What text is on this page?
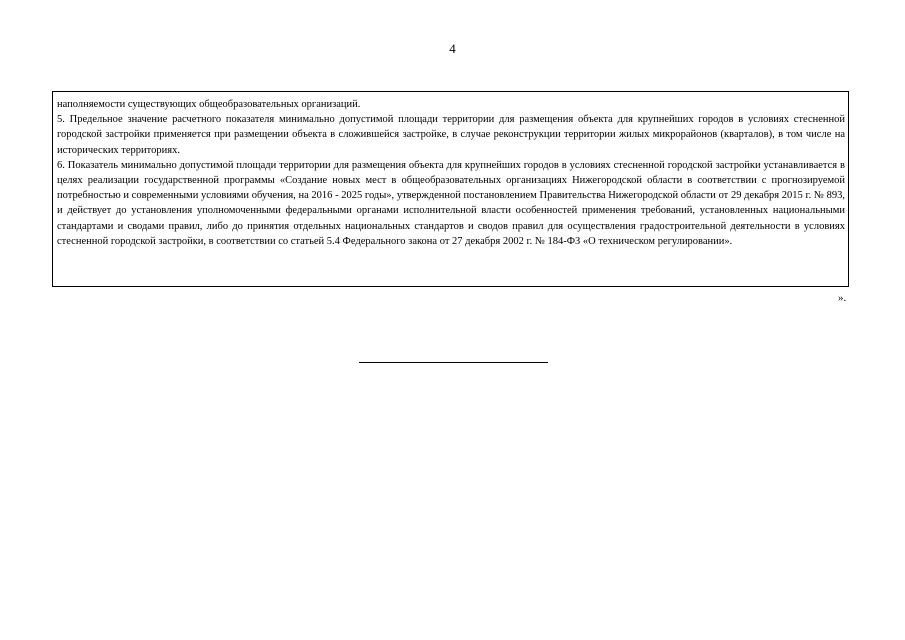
4

наполняемости существующих общеобразовательных организаций.

5. Предельное значение расчетного показателя минимально допустимой площади территории для размещения объекта для крупнейших городов в условиях стесненной городской застройки применяется при размещении объекта в сложившейся застройке, в случае реконструкции территории жилых микрорайонов (кварталов), в том числе на исторических территориях.

6. Показатель минимально допустимой площади территории для размещения объекта для крупнейших городов в условиях стесненной городской застройки устанавливается в целях реализации государственной программы «Создание новых мест в общеобразовательных организациях Нижегородской области в соответствии с прогнозируемой потребностью и современными условиями обучения, на 2016 - 2025 годы», утвержденной постановлением Правительства Нижегородской области от 29 декабря 2015 г. № 893, и действует до установления уполномоченными федеральными органами исполнительной власти особенностей применения требований, установленных национальными стандартами и сводами правил, либо до принятия отдельных национальных стандартов и сводов правил для осуществления градостроительной деятельности в условиях стесненной городской застройки, в соответствии со статьей 5.4 Федерального закона от 27 декабря 2002 г. № 184-ФЗ «О техническом регулировании».

».
